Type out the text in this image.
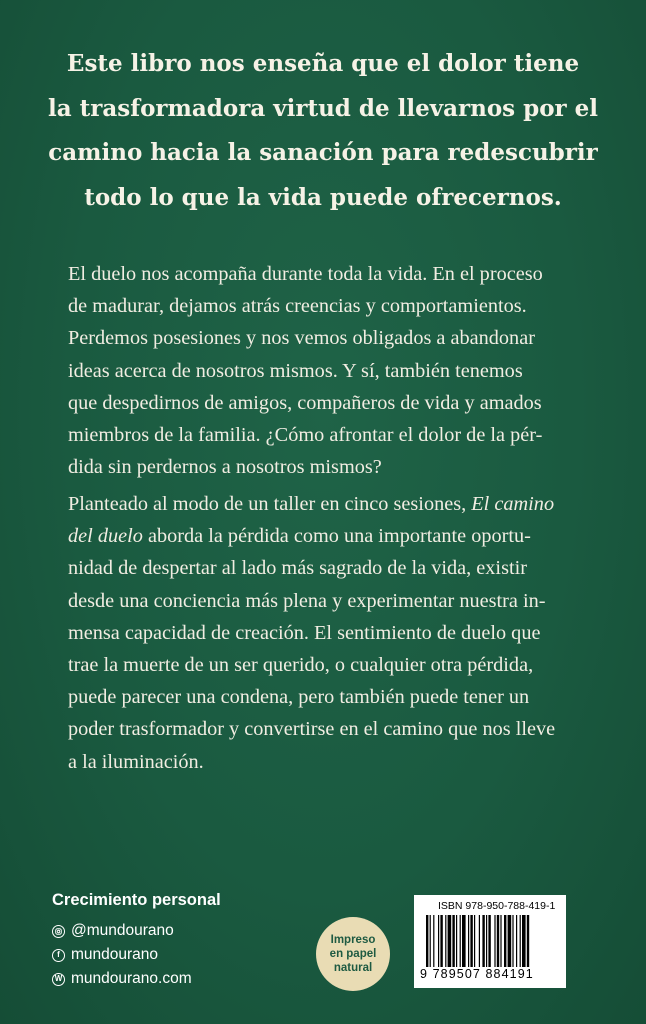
Este libro nos enseña que el dolor tiene
la trasformadora virtud de llevarnos por el
camino hacia la sanación para redescubrir
todo lo que la vida puede ofrecernos.
El duelo nos acompaña durante toda la vida. En el proceso
de madurar, dejamos atrás creencias y comportamientos.
Perdemos posesiones y nos vemos obligados a abandonar
ideas acerca de nosotros mismos. Y sí, también tenemos
que despedirnos de amigos, compañeros de vida y amados
miembros de la familia. ¿Cómo afrontar el dolor de la pér-
dida sin perdernos a nosotros mismos?
Planteado al modo de un taller en cinco sesiones, El camino
del duelo aborda la pérdida como una importante oportu-
nidad de despertar al lado más sagrado de la vida, existir
desde una conciencia más plena y experimentar nuestra in-
mensa capacidad de creación. El sentimiento de duelo que
trae la muerte de un ser querido, o cualquier otra pérdida,
puede parecer una condena, pero también puede tener un
poder trasformador y convertirse en el camino que nos lleve
a la iluminación.
Crecimiento personal
@mundourano
f mundourano
W mundourano.com
Impreso
en papel
natural
ISBN 978-950-788-419-1
9 789507 884191
